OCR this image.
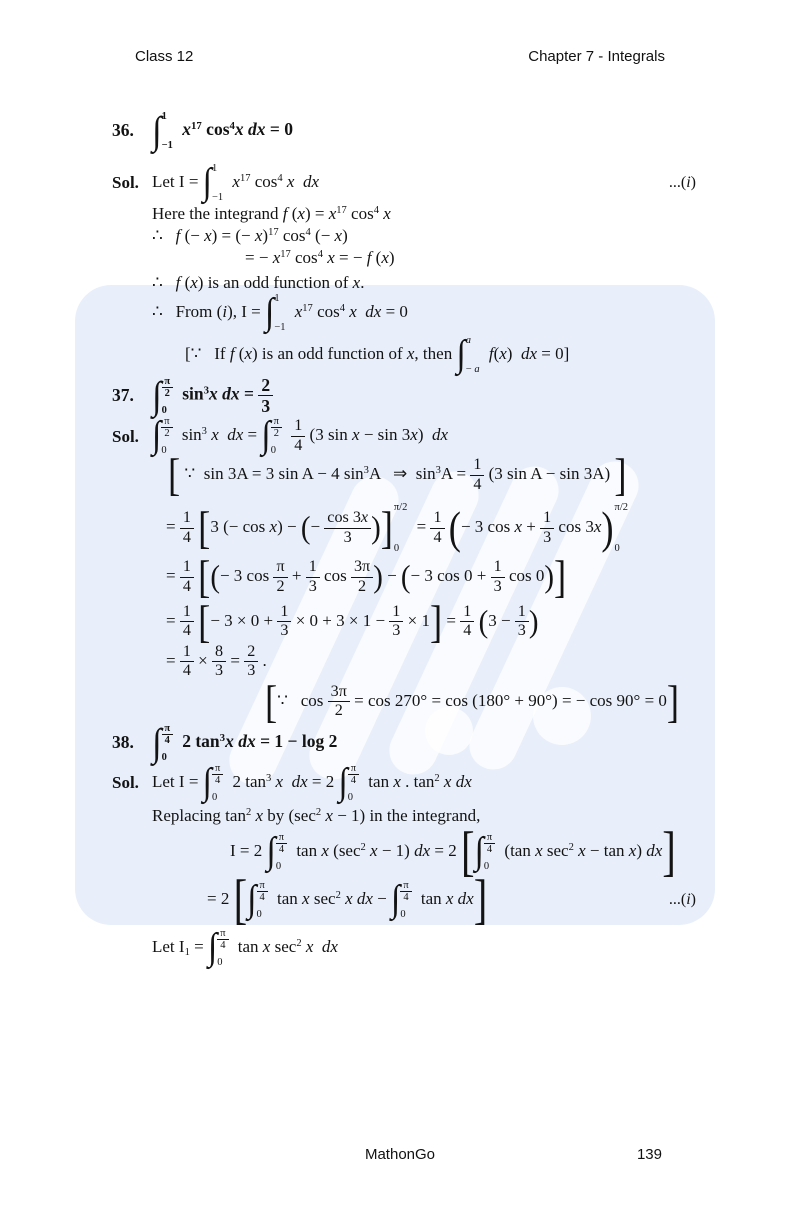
Class 12	Chapter 7 - Integrals
36. ∫ 1
−1
$x^{17}$ $\cos^4x$ dx = 0
Sol. Let I = ∫ 1
−1
$x^{17}$ $\cos^4 x$ dx	...(i)
Here the integrand f $(x) = x^{17}$ $\cos^4 x$
∴   f (− x) = (− x)$^{17}$ $\cos^4$ (− x)
= − $x^{17}$ $\cos^4 x$ = − f (x)
∴   f (x) is an odd function of x.
∴   From (i), I = ∫ 1
−1
$x^{17}$ $\cos^4 x$ dx = 0
[∵   If f (x) is an odd function of x, then ∫ a
− a
f(x)  dx = 0]
37. ∫ $\frac{\pi}{2}$
0
$\sin^3x$ dx = $\frac{2}{3}$
Sol. ∫ $\frac{\pi}{2}$
0
$\sin^3 x$ dx = ∫ $\frac{\pi}{2}$
0
$\frac{1}{4} (3$ sin x − sin 3x)  dx
[ ∵  sin 3A = 3 sin A − 4 $\sin^3A$   ⇒  $\sin^3A = \frac{1}{4} (3$ sin A − sin 3A) ]
= $\frac{1}{4} [3$ (− cos x) − (− $\frac{\cos 3x}{3}$ )] π/2
0
= $\frac{1}{4}$ (− 3 $\cos x + \frac{1}{3}$ cos 3x) π/2
0
= $\frac{1}{4}$ [(− 3 $\cos \frac{\pi}{2} + \frac{1}{3}$ $\cos \frac{3\pi}{2}$ ) − (− 3 $\cos 0 + \frac{1}{3}$ cos 0)]
= $\frac{1}{4}$ [− $3 \times 0 + \frac{1}{3} \times 0 + 3 \times 1 - \frac{1}{3} \times 1] = \frac{1}{4} (3 - \frac{1}{3}$ )
= $\frac{1}{4} \times \frac{8}{3} = \frac{2}{3}$ .
[∵   $\cos \frac{3\pi}{2} = \cos 270^\circ = \cos (180^\circ + 90^\circ)$ = − cos 90° = 0]
38. ∫ $\frac{\pi}{4}$
0
2 $\tan^3x$ dx = 1 − log 2
Sol. Let I = ∫ $\frac{\pi}{4}$
0
2 $\tan^3 x$ dx = 2 ∫ $\frac{\pi}{4}$
0
tan x . $\tan^2 x$ dx
Replacing $\tan^2 x$ by ($\sec^2$ x − 1) in the integrand,
I = 2 ∫ $\frac{\pi}{4}$
0
tan x ($\sec^2$ x − 1) dx = 2 [∫ $\frac{\pi}{4}$
0
(tan x $\sec^2 x - \tan x$) dx]
= 2 [∫ $\frac{\pi}{4}$
0
tan x $\sec^2 x$ dx − ∫ $\frac{\pi}{4}$
0
tan x dx]	...(i)
Let $I_1$ = ∫ $\frac{\pi}{4}$
0
tan x $\sec^2 x$ dx
MathonGo	139
